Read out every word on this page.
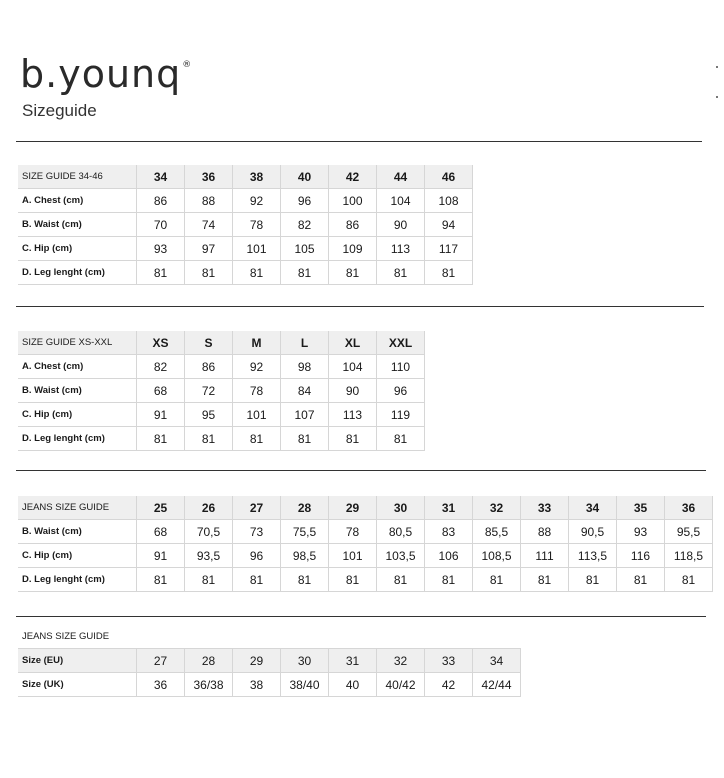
b.younq®
Sizeguide
SIZE GUIDE 34-46	34	36	38	40	42	44	46
A. Chest (cm)	86	88	92	96	100	104	108
B. Waist (cm)	70	74	78	82	86	90	94
C. Hip (cm)	93	97	101	105	109	113	117
D. Leg lenght (cm)	81	81	81	81	81	81	81
SIZE GUIDE XS-XXL	XS	S	M	L	XL	XXL
A. Chest (cm)	82	86	92	98	104	110
B. Waist (cm)	68	72	78	84	90	96
C. Hip (cm)	91	95	101	107	113	119
D. Leg lenght (cm)	81	81	81	81	81	81
JEANS SIZE GUIDE	25	26	27	28	29	30	31	32	33	34	35	36
B. Waist (cm)	68	70,5	73	75,5	78	80,5	83	85,5	88	90,5	93	95,5
C. Hip (cm)	91	93,5	96	98,5	101	103,5	106	108,5	111	113,5	116	118,5
D. Leg lenght (cm)	81	81	81	81	81	81	81	81	81	81	81	81
JEANS SIZE GUIDE								
Size (EU)	27	28	29	30	31	32	33	34
Size (UK)	36	36/38	38	38/40	40	40/42	42	42/44
